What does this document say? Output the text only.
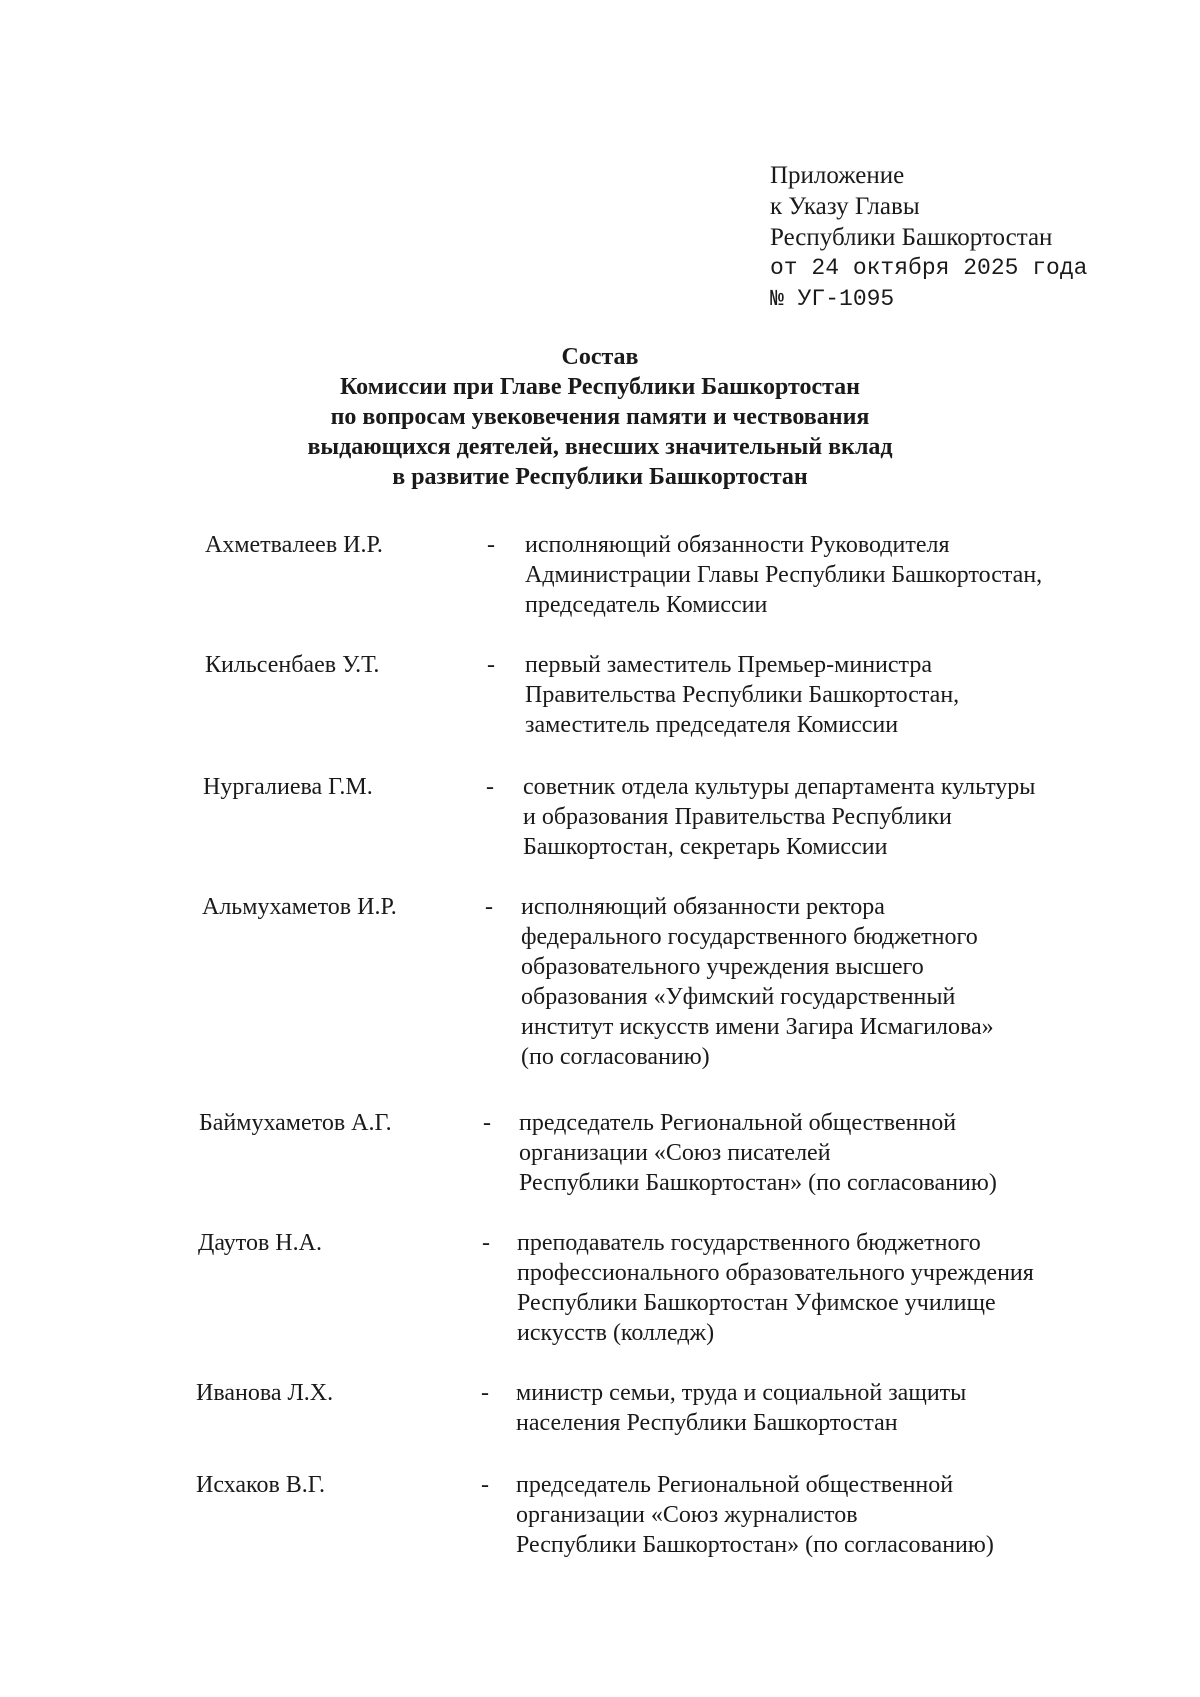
Приложение
к Указу Главы
Республики Башкортостан
от 24 октября 2025 года
№ УГ-1095
Состав
Комиссии при Главе Республики Башкортостан
по вопросам увековечения памяти и чествования
выдающихся деятелей, внесших значительный вклад
в развитие Республики Башкортостан
Ахметвалеев И.Р.	- исполняющий обязанности Руководителя
Администрации Главы Республики Башкортостан,
председатель Комиссии
Кильсенбаев У.Т.	- первый заместитель Премьер-министра
Правительства Республики Башкортостан,
заместитель председателя Комиссии
Нургалиева Г.М.	- советник отдела культуры департамента культуры
и образования Правительства Республики
Башкортостан, секретарь Комиссии
Альмухаметов И.Р.	- исполняющий обязанности ректора
федерального государственного бюджетного
образовательного учреждения высшего
образования «Уфимский государственный
институт искусств имени Загира Исмагилова»
(по согласованию)
Баймухаметов А.Г.	- председатель Региональной общественной
организации «Союз писателей
Республики Башкортостан» (по согласованию)
Даутов Н.А.	- преподаватель государственного бюджетного
профессионального образовательного учреждения
Республики Башкортостан Уфимское училище
искусств (колледж)
Иванова Л.Х.	- министр семьи, труда и социальной защиты
населения Республики Башкортостан
Исхаков В.Г.	- председатель Региональной общественной
организации «Союз журналистов
Республики Башкортостан» (по согласованию)
